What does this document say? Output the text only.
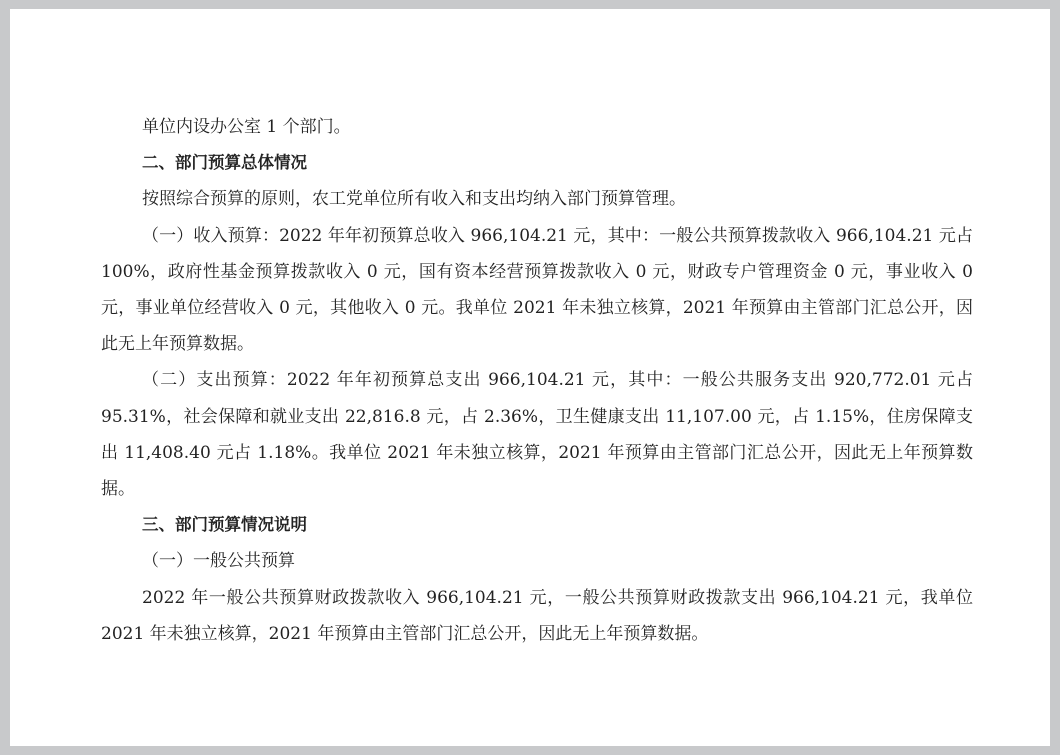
单位内设办公室 1 个部门。

二、部门预算总体情况

按照综合预算的原则，农工党单位所有收入和支出均纳入部门预算管理。

（一）收入预算：2022 年年初预算总收入 966,104.21 元，其中：一般公共预算拨款收入 966,104.21 元占 100%，政府性基金预算拨款收入 0 元，国有资本经营预算拨款收入 0 元，财政专户管理资金 0 元，事业收入 0 元，事业单位经营收入 0 元，其他收入 0 元。我单位 2021 年未独立核算，2021 年预算由主管部门汇总公开，因此无上年预算数据。

（二）支出预算：2022 年年初预算总支出 966,104.21 元，其中：一般公共服务支出 920,772.01 元占 95.31%，社会保障和就业支出 22,816.8 元，占 2.36%，卫生健康支出 11,107.00 元，占 1.15%，住房保障支出 11,408.40 元占 1.18%。我单位 2021 年未独立核算，2021 年预算由主管部门汇总公开，因此无上年预算数据。

三、部门预算情况说明

（一）一般公共预算

2022 年一般公共预算财政拨款收入 966,104.21 元，一般公共预算财政拨款支出 966,104.21 元，我单位 2021 年未独立核算，2021 年预算由主管部门汇总公开，因此无上年预算数据。
